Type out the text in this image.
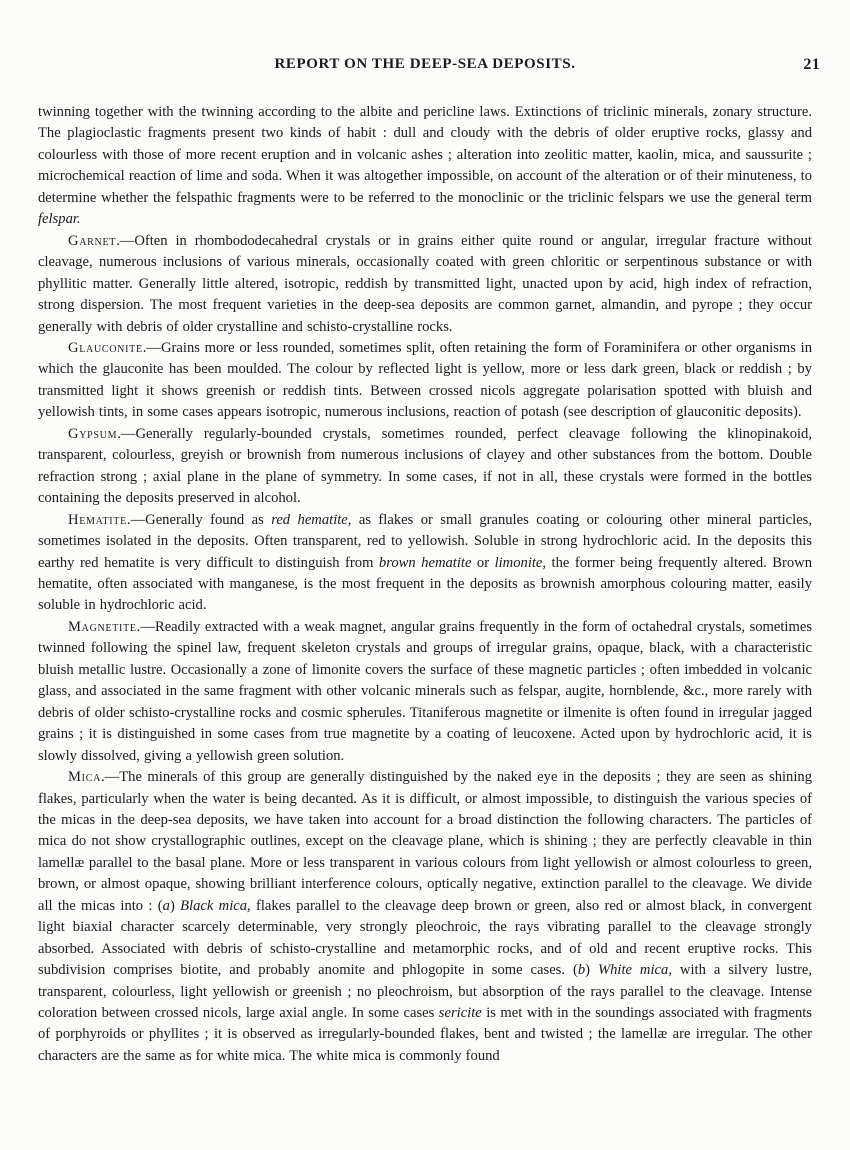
REPORT ON THE DEEP-SEA DEPOSITS.	21

twinning together with the twinning according to the albite and pericline laws. Extinctions of triclinic minerals, zonary structure. The plagioclastic fragments present two kinds of habit : dull and cloudy with the debris of older eruptive rocks, glassy and colourless with those of more recent eruption and in volcanic ashes ; alteration into zeolitic matter, kaolin, mica, and saussurite ; microchemical reaction of lime and soda. When it was altogether impossible, on account of the alteration or of their minuteness, to determine whether the felspathic fragments were to be referred to the monoclinic or the triclinic felspars we use the general term felspar.

Garnet.—Often in rhombododecahedral crystals or in grains either quite round or angular, irregular fracture without cleavage, numerous inclusions of various minerals, occasionally coated with green chloritic or serpentinous substance or with phyllitic matter. Generally little altered, isotropic, reddish by transmitted light, unacted upon by acid, high index of refraction, strong dispersion. The most frequent varieties in the deep-sea deposits are common garnet, almandin, and pyrope ; they occur generally with debris of older crystalline and schisto-crystalline rocks.

Glauconite.—Grains more or less rounded, sometimes split, often retaining the form of Foraminifera or other organisms in which the glauconite has been moulded. The colour by reflected light is yellow, more or less dark green, black or reddish ; by transmitted light it shows greenish or reddish tints. Between crossed nicols aggregate polarisation spotted with bluish and yellowish tints, in some cases appears isotropic, numerous inclusions, reaction of potash (see description of glauconitic deposits).

Gypsum.—Generally regularly-bounded crystals, sometimes rounded, perfect cleavage following the klinopinakoid, transparent, colourless, greyish or brownish from numerous inclusions of clayey and other substances from the bottom. Double refraction strong ; axial plane in the plane of symmetry. In some cases, if not in all, these crystals were formed in the bottles containing the deposits preserved in alcohol.

Hematite.—Generally found as red hematite, as flakes or small granules coating or colouring other mineral particles, sometimes isolated in the deposits. Often transparent, red to yellowish. Soluble in strong hydrochloric acid. In the deposits this earthy red hematite is very difficult to distinguish from brown hematite or limonite, the former being frequently altered. Brown hematite, often associated with manganese, is the most frequent in the deposits as brownish amorphous colouring matter, easily soluble in hydrochloric acid.

Magnetite.—Readily extracted with a weak magnet, angular grains frequently in the form of octahedral crystals, sometimes twinned following the spinel law, frequent skeleton crystals and groups of irregular grains, opaque, black, with a characteristic bluish metallic lustre. Occasionally a zone of limonite covers the surface of these magnetic particles ; often imbedded in volcanic glass, and associated in the same fragment with other volcanic minerals such as felspar, augite, hornblende, &c., more rarely with debris of older schisto-crystalline rocks and cosmic spherules. Titaniferous magnetite or ilmenite is often found in irregular jagged grains ; it is distinguished in some cases from true magnetite by a coating of leucoxene. Acted upon by hydrochloric acid, it is slowly dissolved, giving a yellowish green solution.

Mica.—The minerals of this group are generally distinguished by the naked eye in the deposits ; they are seen as shining flakes, particularly when the water is being decanted. As it is difficult, or almost impossible, to distinguish the various species of the micas in the deep-sea deposits, we have taken into account for a broad distinction the following characters. The particles of mica do not show crystallographic outlines, except on the cleavage plane, which is shining ; they are perfectly cleavable in thin lamellæ parallel to the basal plane. More or less transparent in various colours from light yellowish or almost colourless to green, brown, or almost opaque, showing brilliant interference colours, optically negative, extinction parallel to the cleavage. We divide all the micas into : (a) Black mica, flakes parallel to the cleavage deep brown or green, also red or almost black, in convergent light biaxial character scarcely determinable, very strongly pleochroic, the rays vibrating parallel to the cleavage strongly absorbed. Associated with debris of schisto-crystalline and metamorphic rocks, and of old and recent eruptive rocks. This subdivision comprises biotite, and probably anomite and phlogopite in some cases. (b) White mica, with a silvery lustre, transparent, colourless, light yellowish or greenish ; no pleochroism, but absorption of the rays parallel to the cleavage. Intense coloration between crossed nicols, large axial angle. In some cases sericite is met with in the soundings associated with fragments of porphyroids or phyllites ; it is observed as irregularly-bounded flakes, bent and twisted ; the lamellæ are irregular. The other characters are the same as for white mica. The white mica is commonly found
